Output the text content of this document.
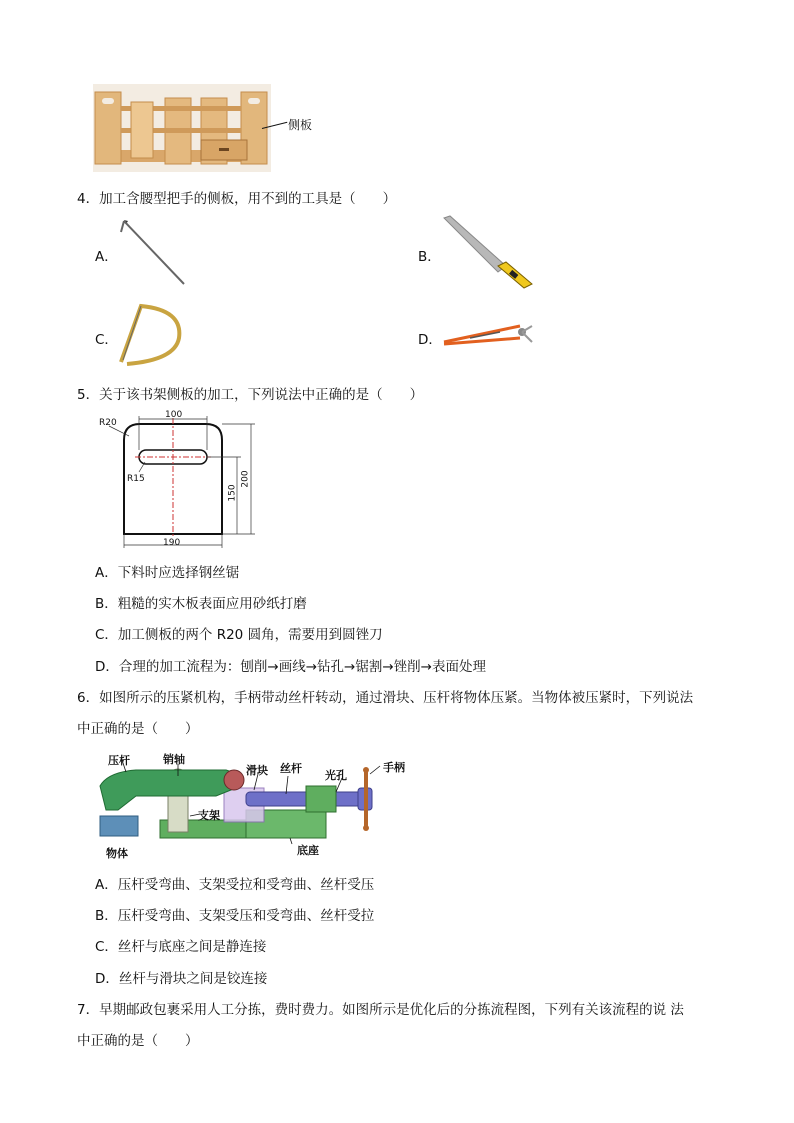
侧板
4．加工含腰型把手的侧板，用不到的工具是（　　）
A．	B．
C．	D．
5．关于该书架侧板的加工，下列说法中正确的是（　　）
R20
100
R15
150
200
190
A．下料时应选择钢丝锯
B．粗糙的实木板表面应用砂纸打磨
C．加工侧板的两个 R20 圆角，需要用到圆锉刀
D．合理的加工流程为：刨削→画线→钻孔→锯割→锉削→表面处理
6．如图所示的压紧机构，手柄带动丝杆转动，通过滑块、压杆将物体压紧。当物体被压紧时，下列说法
中正确的是（　　）
压杆	销轴
滑块 丝杆
光孔
手柄
支架
物体	底座
A．压杆受弯曲、支架受拉和受弯曲、丝杆受压
B．压杆受弯曲、支架受压和受弯曲、丝杆受拉
C．丝杆与底座之间是静连接
D．丝杆与滑块之间是铰连接
7．早期邮政包裹采用人工分拣，费时费力。如图所示是优化后的分拣流程图，下列有关该流程的说 法
中正确的是（　　）
